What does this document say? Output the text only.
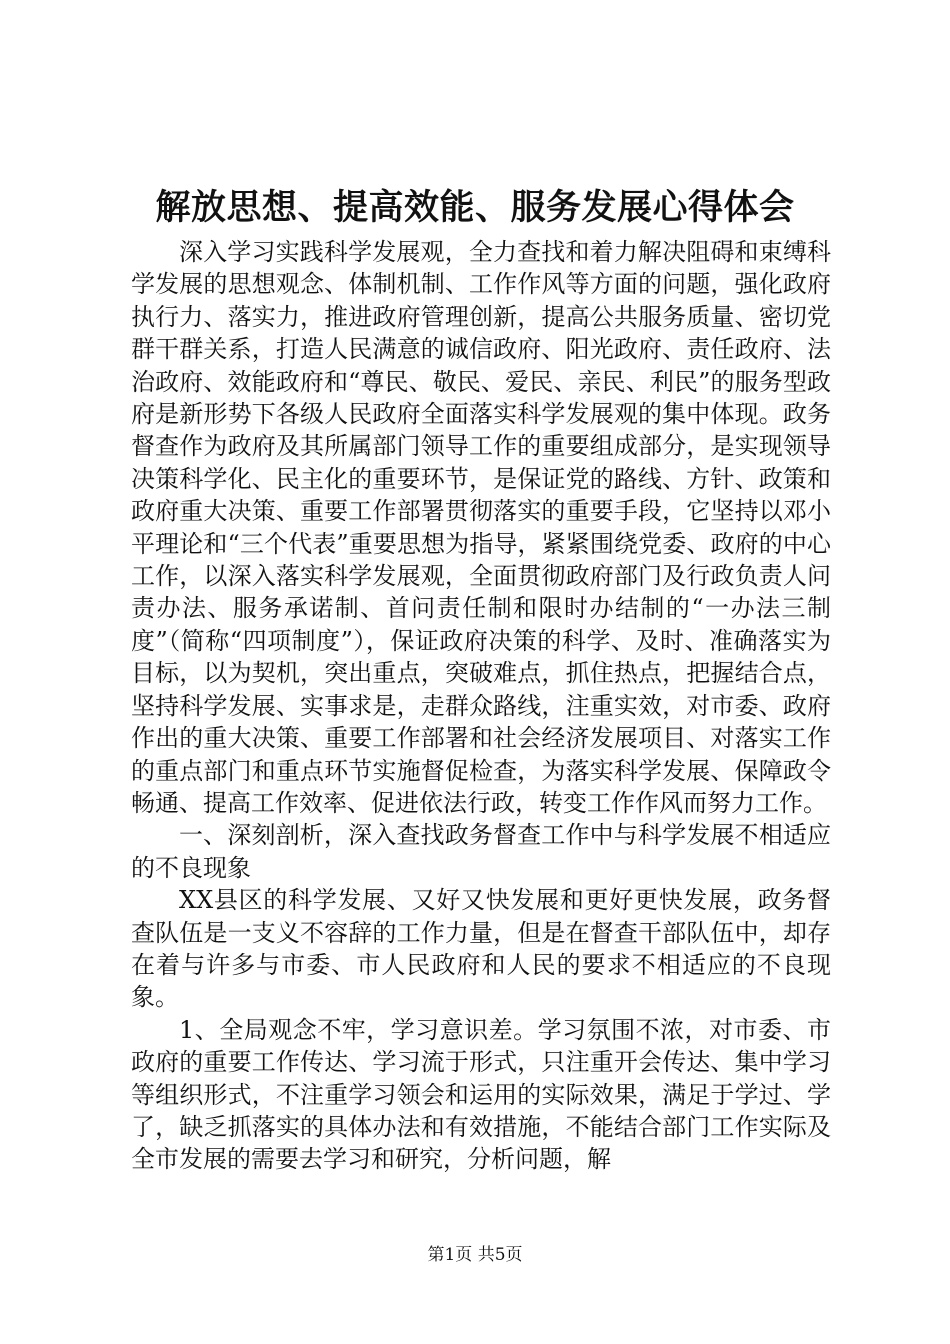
解放思想、提高效能、服务发展心得体会

深入学习实践科学发展观，全力查找和着力解决阻碍和束缚科学发展的思想观念、体制机制、工作作风等方面的问题，强化政府执行力、落实力，推进政府管理创新，提高公共服务质量、密切党群干群关系，打造人民满意的诚信政府、阳光政府、责任政府、法治政府、效能政府和“尊民、敬民、爱民、亲民、利民”的服务型政府是新形势下各级人民政府全面落实科学发展观的集中体现。政务督查作为政府及其所属部门领导工作的重要组成部分，是实现领导决策科学化、民主化的重要环节，是保证党的路线、方针、政策和政府重大决策、重要工作部署贯彻落实的重要手段，它坚持以邓小平理论和“三个代表”重要思想为指导，紧紧围绕党委、政府的中心工作，以深入落实科学发展观，全面贯彻政府部门及行政负责人问责办法、服务承诺制、首问责任制和限时办结制的“一办法三制度”（简称“四项制度”），保证政府决策的科学、及时、准确落实为目标，以为契机，突出重点，突破难点，抓住热点，把握结合点，坚持科学发展、实事求是，走群众路线，注重实效，对市委、政府作出的重大决策、重要工作部署和社会经济发展项目、对落实工作的重点部门和重点环节实施督促检查，为落实科学发展、保障政令畅通、提高工作效率、促进依法行政，转变工作作风而努力工作。

一、深刻剖析，深入查找政务督查工作中与科学发展不相适应的不良现象

XX县区的科学发展、又好又快发展和更好更快发展，政务督查队伍是一支义不容辞的工作力量，但是在督查干部队伍中，却存在着与许多与市委、市人民政府和人民的要求不相适应的不良现象。

1、全局观念不牢，学习意识差。学习氛围不浓，对市委、市政府的重要工作传达、学习流于形式，只注重开会传达、集中学习等组织形式，不注重学习领会和运用的实际效果，满足于学过、学了，缺乏抓落实的具体办法和有效措施，不能结合部门工作实际及全市发展的需要去学习和研究，分析问题，解

第1页 共5页
